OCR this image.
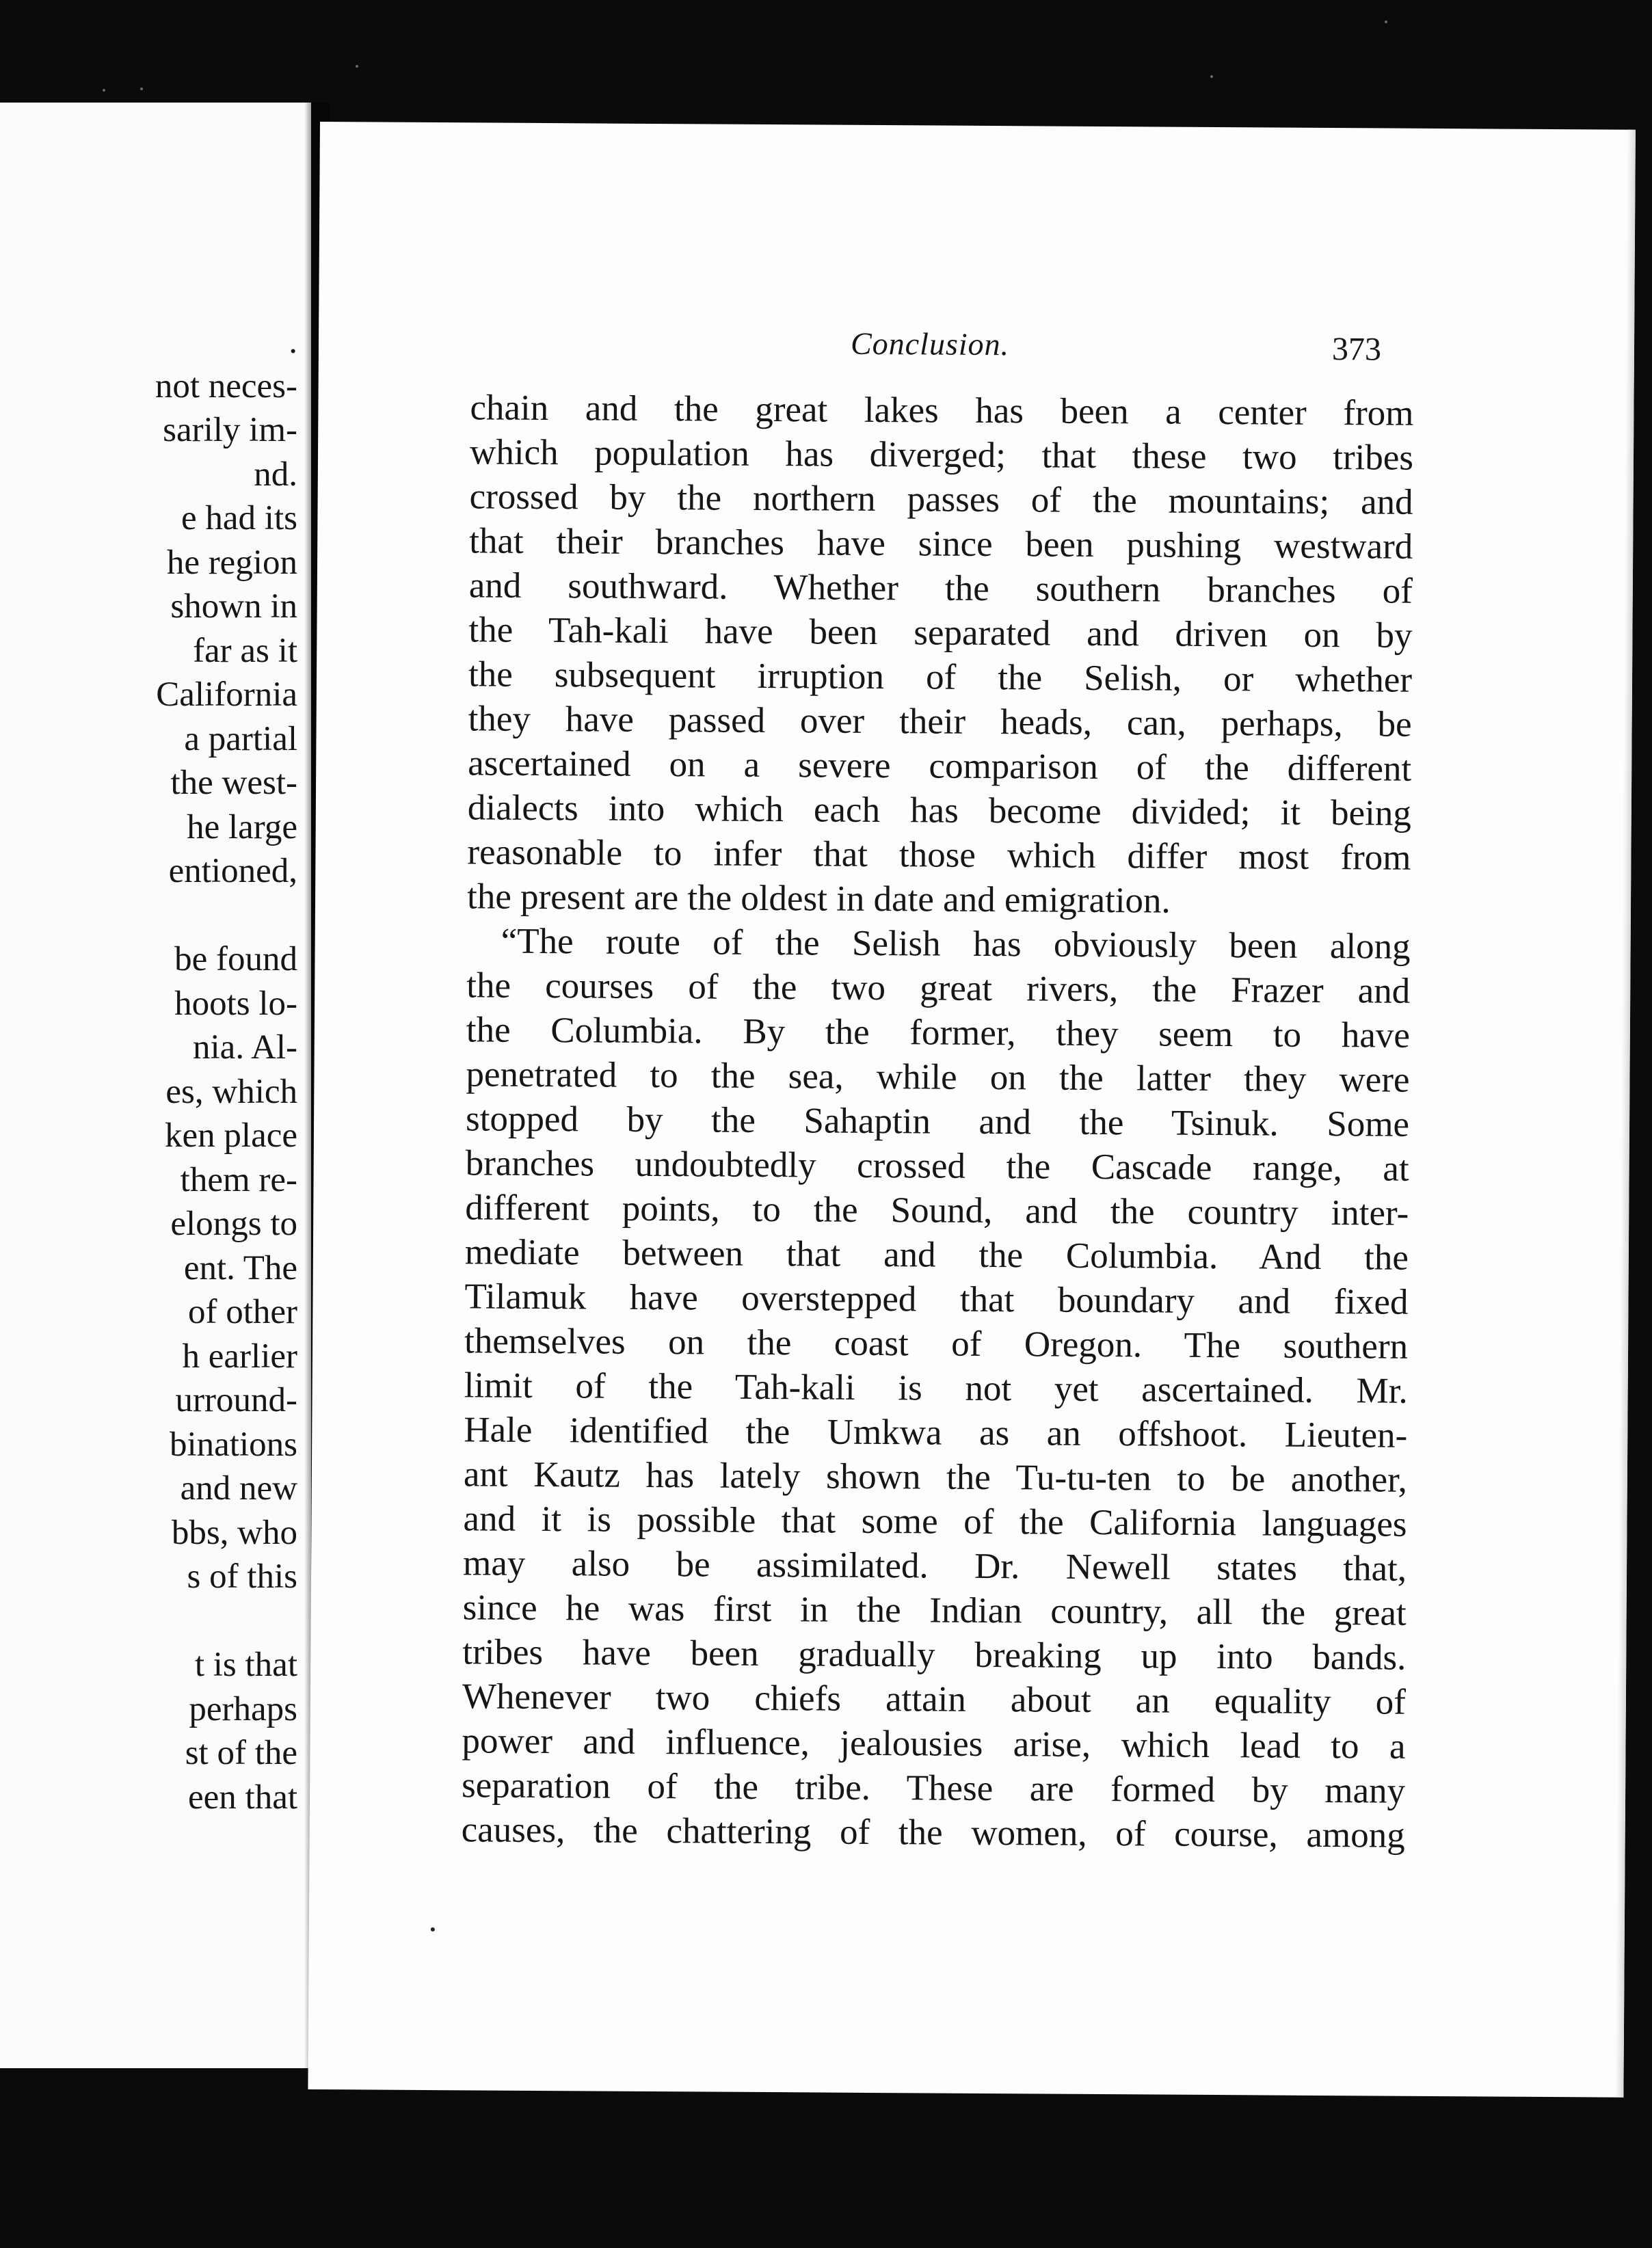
.
not neces-
sarily im-
nd.
e had its
he region
shown in
far as it
California
a partial
the west-
he large
entioned,
be found
hoots lo-
nia. Al-
es, which
ken place
them re-
elongs to
ent. The
of other
h earlier
urround-
binations
and new
bbs, who
s of this
t is that
perhaps
st of the
een that
Conclusion.	373
chain and the great lakes has been a center from
which population has diverged; that these two tribes
crossed by the northern passes of the mountains; and
that their branches have since been pushing westward
and southward. Whether the southern branches of
the Tah-kali have been separated and driven on by
the subsequent irruption of the Selish, or whether
they have passed over their heads, can, perhaps, be
ascertained on a severe comparison of the different
dialects into which each has become divided; it being
reasonable to infer that those which differ most from
the present are the oldest in date and emigration.
“The route of the Selish has obviously been along
the courses of the two great rivers, the Frazer and
the Columbia. By the former, they seem to have
penetrated to the sea, while on the latter they were
stopped by the Sahaptin and the Tsinuk. Some
branches undoubtedly crossed the Cascade range, at
different points, to the Sound, and the country inter-
mediate between that and the Columbia. And the
Tilamuk have overstepped that boundary and fixed
themselves on the coast of Oregon. The southern
limit of the Tah-kali is not yet ascertained. Mr.
Hale identified the Umkwa as an offshoot. Lieuten-
ant Kautz has lately shown the Tu-tu-ten to be another,
and it is possible that some of the California languages
may also be assimilated. Dr. Newell states that,
since he was first in the Indian country, all the great
tribes have been gradually breaking up into bands.
Whenever two chiefs attain about an equality of
power and influence, jealousies arise, which lead to a
separation of the tribe. These are formed by many
causes, the chattering of the women, of course, among
